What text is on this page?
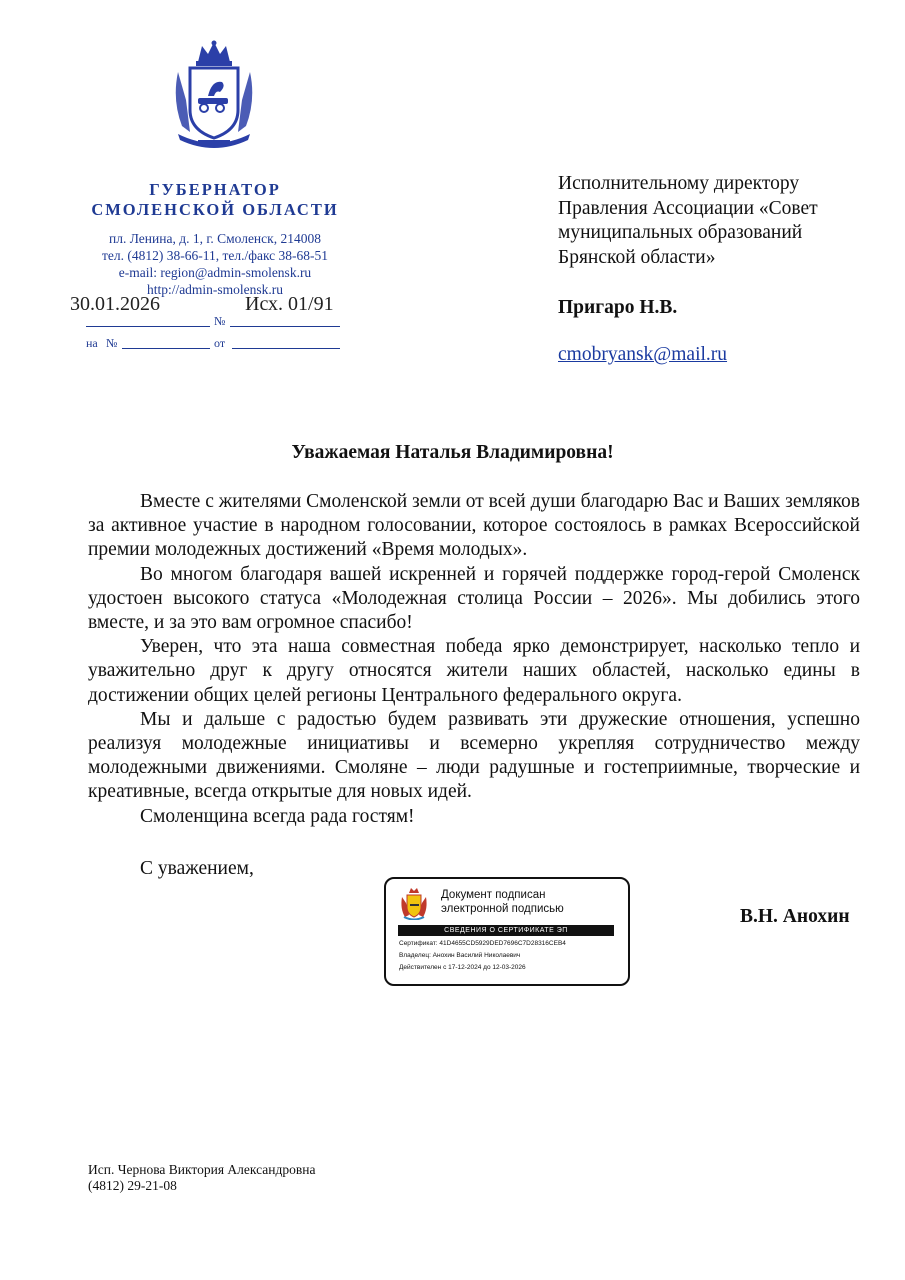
ГУБЕРНАТОР
СМОЛЕНСКОЙ ОБЛАСТИ
пл. Ленина, д. 1, г. Смоленск, 214008
тел. (4812) 38-66-11, тел./факс 38-68-51
e-mail: region@admin-smolensk.ru
http://admin-smolensk.ru
30.01.2026	Исх. 01/91
№
на №	от
Исполнительному директору
Правления Ассоциации «Совет
муниципальных образований
Брянской области»
Пригаро Н.В.
cmobryansk@mail.ru
Уважаемая Наталья Владимировна!

Вместе с жителями Смоленской земли от всей души благодарю Вас и Ваших земляков за активное участие в народном голосовании, которое состоялось в рамках Всероссийской премии молодежных достижений «Время молодых».

Во многом благодаря вашей искренней и горячей поддержке город-герой Смоленск удостоен высокого статуса «Молодежная столица России – 2026». Мы добились этого вместе, и за это вам огромное спасибо!

Уверен, что эта наша совместная победа ярко демонстрирует, насколько тепло и уважительно друг к другу относятся жители наших областей, насколько едины в достижении общих целей регионы Центрального федерального округа.

Мы и дальше с радостью будем развивать эти дружеские отношения, успешно реализуя молодежные инициативы и всемерно укрепляя сотрудничество между молодежными движениями. Смоляне – люди радушные и гостеприимные, творческие и креативные, всегда открытые для новых идей.

Смоленщина всегда рада гостям!

С уважением,
Документ подписан
электронной подписью
СВЕДЕНИЯ О СЕРТИФИКАТЕ ЭП
Сертификат: 41D4655CD5929DED7696C7D28316CEB4
Владелец: Анохин Василий Николаевич
Действителен с 17-12-2024 до 12-03-2026
В.Н. Анохин
Исп. Чернова Виктория Александровна
(4812) 29-21-08
